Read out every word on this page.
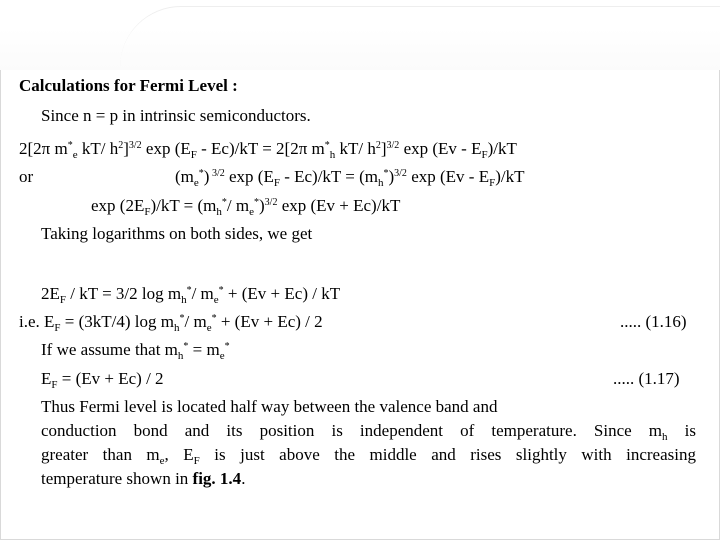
Calculations for Fermi Level :
Since n = p in intrinsic semiconductors.
2[2π $m^*_e$ kT/ $h^2]^{3/2}$ $\exp (E_F - Ec)/kT = 2[2\pi$ $m^*_h$ kT/ $h^2]^{3/2}$ $\exp (Ev - E_F)/kT$
or	$(m_e^*)$ $^{3/2}$ $\exp (E_F - Ec)/kT = (m_h^*)^{3/2}$ $\exp (Ev - E_F)/kT$
$\exp (2E_F)/kT = (m_h^*/$ $m_e^*)^{3/2}$ exp (Ev + Ec)/kT
Taking logarithms on both sides, we get
$2E_F$ / kT = 3/2 $\log m_h^*/$ $m_e^* + (Ev + Ec)$ / kT
i.e. $E_F = (3kT/4)$ $\log m_h^*/$ $m_e^* + (Ev + Ec) / 2$	..... (1.16)
If we assume that $m_h^* = m_e^*$
$E_F = (Ev + Ec) / 2$	..... (1.17)
Thus Fermi level is located half way between the valence band and
conduction bond and its position is independent of temperature. Since $m_h$ is
greater than $m_e$, $E_F$ is just above the middle and rises slightly with increasing
temperature shown in fig. 1.4.
